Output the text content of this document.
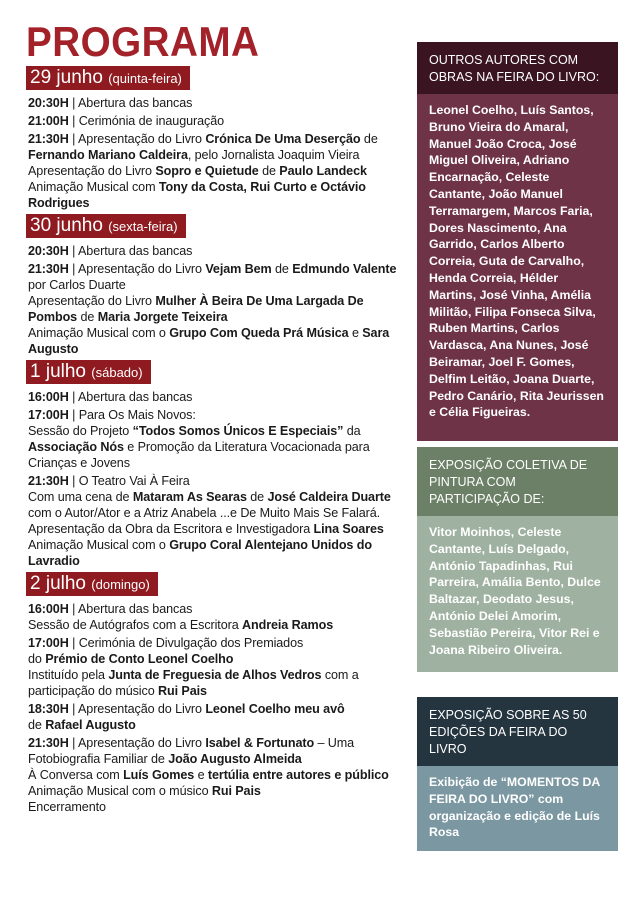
PROGRAMA
29 junho (quinta-feira)
20:30H | Abertura das bancas
21:00H | Cerimónia de inauguração
21:30H | Apresentação do Livro Crónica De Uma Deserção de Fernando Mariano Caldeira, pelo Jornalista Joaquim Vieira
Apresentação do Livro Sopro e Quietude de Paulo Landeck
Animação Musical com Tony da Costa, Rui Curto e Octávio Rodrigues
30 junho (sexta-feira)
20:30H | Abertura das bancas
21:30H | Apresentação do Livro Vejam Bem de Edmundo Valente por Carlos Duarte
Apresentação do Livro Mulher À Beira De Uma Largada De Pombos de Maria Jorgete Teixeira
Animação Musical com o Grupo Com Queda Prá Música e Sara Augusto
1 julho (sábado)
16:00H | Abertura das bancas
17:00H | Para Os Mais Novos:
Sessão do Projeto “Todos Somos Únicos E Especiais” da Associação Nós e Promoção da Literatura Vocacionada para Crianças e Jovens
21:30H | O Teatro Vai À Feira
Com uma cena de Mataram As Searas de José Caldeira Duarte com o Autor/Ator e a Atriz Anabela ...e De Muito Mais Se Falará.
Apresentação da Obra da Escritora e Investigadora Lina Soares
Animação Musical com o Grupo Coral Alentejano Unidos do Lavradio
2 julho (domingo)
16:00H | Abertura das bancas
Sessão de Autógrafos com a Escritora Andreia Ramos
17:00H | Cerimónia de Divulgação dos Premiados
do Prémio de Conto Leonel Coelho
Instituído pela Junta de Freguesia de Alhos Vedros com a participação do músico Rui Pais
18:30H | Apresentação do Livro Leonel Coelho meu avô
de Rafael Augusto
21:30H | Apresentação do Livro Isabel & Fortunato – Uma Fotobiografia Familiar de João Augusto Almeida
À Conversa com Luís Gomes e tertúlia entre autores e público
Animação Musical com o músico Rui Pais
Encerramento
OUTROS AUTORES COM OBRAS NA FEIRA DO LIVRO:
Leonel Coelho, Luís Santos, Bruno Vieira do Amaral, Manuel João Croca, José Miguel Oliveira, Adriano Encarnação, Celeste Cantante, João Manuel Terramargem, Marcos Faria, Dores Nascimento, Ana Garrido, Carlos Alberto Correia, Guta de Carvalho, Henda Correia, Hélder Martins, José Vinha, Amélia Militão, Filipa Fonseca Silva, Ruben Martins, Carlos Vardasca, Ana Nunes, José Beiramar, Joel F. Gomes, Delfim Leitão, Joana Duarte, Pedro Canário, Rita Jeurissen e Célia Figueiras.
EXPOSIÇÃO COLETIVA DE PINTURA COM PARTICIPAÇÃO DE:
Vitor Moinhos, Celeste Cantante, Luís Delgado, António Tapadinhas, Rui Parreira, Amália Bento, Dulce Baltazar, Deodato Jesus, António Delei Amorim, Sebastião Pereira, Vitor Rei e Joana Ribeiro Oliveira.
EXPOSIÇÃO SOBRE AS 50 EDIÇÕES DA FEIRA DO LIVRO
Exibição de “MOMENTOS DA FEIRA DO LIVRO” com organização e edição de Luís Rosa
